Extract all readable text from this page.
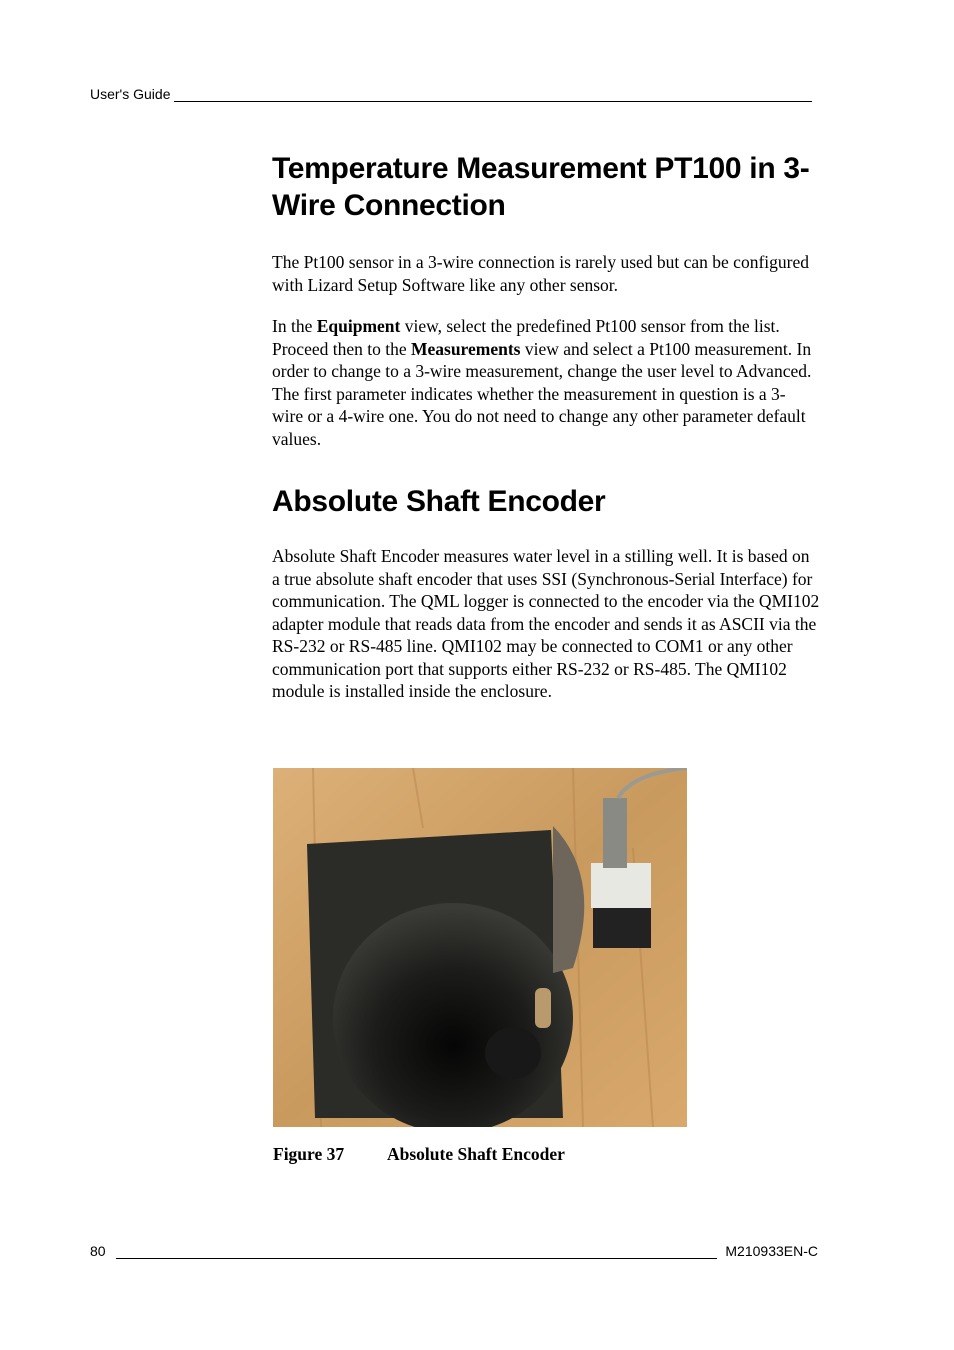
User's Guide
Temperature Measurement PT100 in 3-Wire Connection

The Pt100 sensor in a 3-wire connection is rarely used but can be configured with Lizard Setup Software like any other sensor.

In the Equipment view, select the predefined Pt100 sensor from the list. Proceed then to the Measurements view and select a Pt100 measurement. In order to change to a 3-wire measurement, change the user level to Advanced. The first parameter indicates whether the measurement in question is a 3- wire or a 4-wire one. You do not need to change any other parameter default values.

Absolute Shaft Encoder

Absolute Shaft Encoder measures water level in a stilling well. It is based on a true absolute shaft encoder that uses SSI (Synchronous-Serial Interface) for communication. The QML logger is connected to the encoder via the QMI102 adapter module that reads data from the encoder and sends it as ASCII via the RS-232 or RS-485 line. QMI102 may be connected to COM1 or any other communication port that supports either RS-232 or RS-485. The QMI102 module is installed inside the enclosure.

Figure 37 Absolute Shaft Encoder
80	M210933EN-C
